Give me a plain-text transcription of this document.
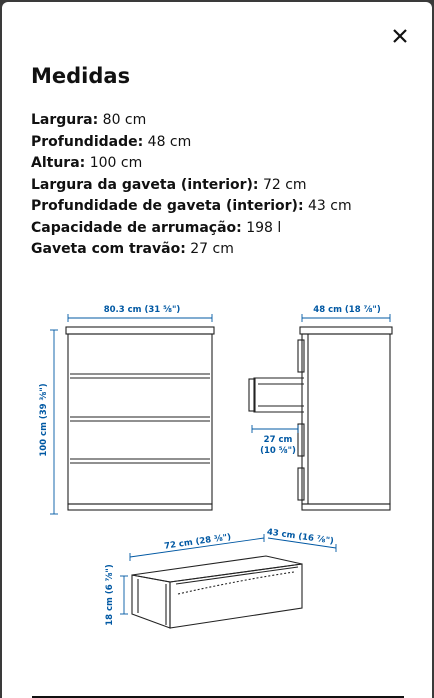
Medidas
Largura: 80 cm
Profundidade: 48 cm
Altura: 100 cm
Largura da gaveta (interior): 72 cm
Profundidade de gaveta (interior): 43 cm
Capacidade de arrumação: 198 l
Gaveta com travão: 27 cm
80.3 cm (31 ⅝")
100 cm (39 ⅜")
48 cm (18 ⅞")
27 cm
(10 ⅝")
72 cm (28 ⅜")	43 cm (16 ⅞")
18 cm (6 ⅞")
